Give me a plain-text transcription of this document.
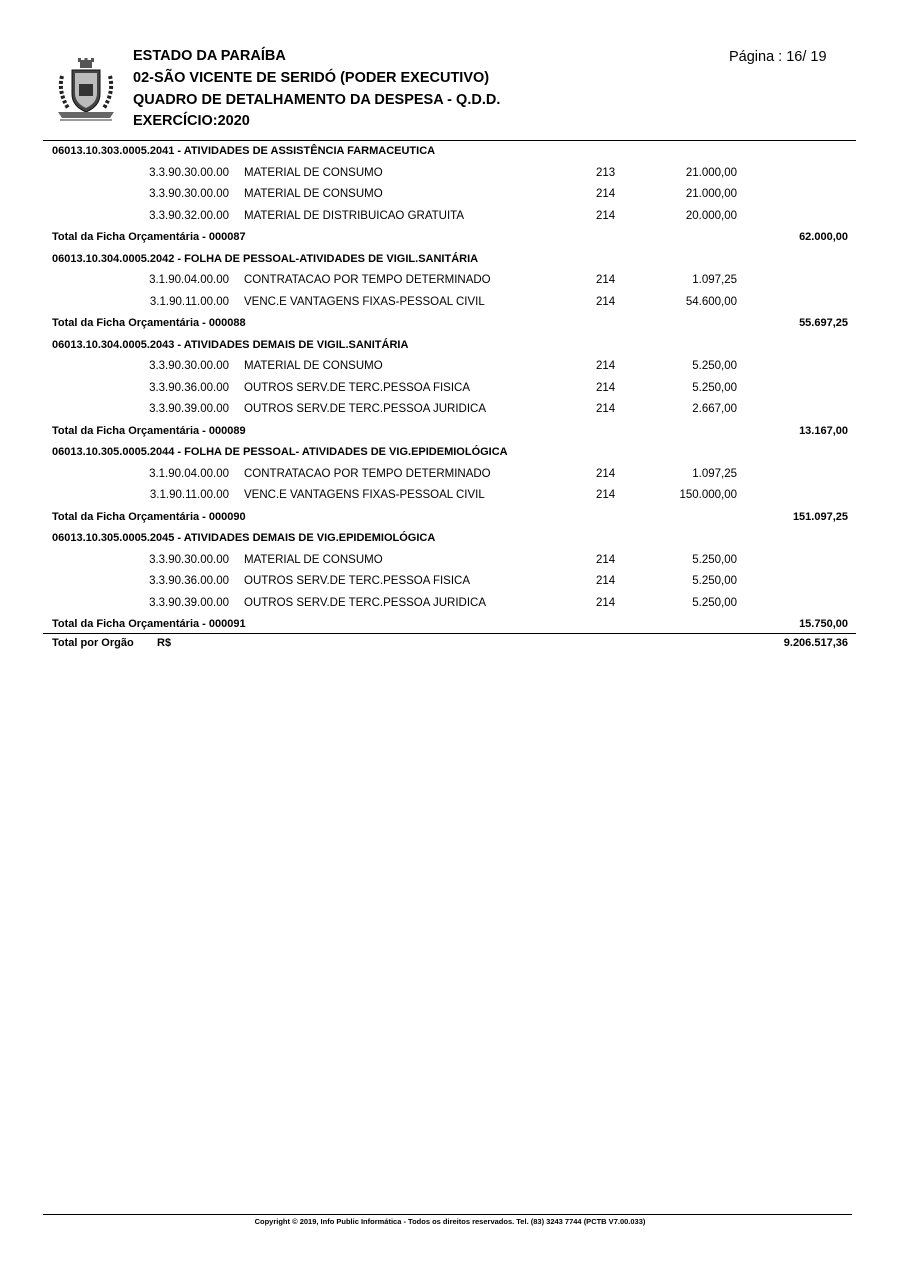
ESTADO DA PARAÍBA
02-SÃO VICENTE DE SERIDÓ (PODER EXECUTIVO)
QUADRO DE DETALHAMENTO DA DESPESA - Q.D.D.
EXERCÍCIO:2020
Página : 16/ 19
06013.10.303.0005.2041 - ATIVIDADES DE ASSISTÊNCIA FARMACEUTICA
3.3.90.30.00.00 MATERIAL DE CONSUMO	213	21.000,00
3.3.90.30.00.00 MATERIAL DE CONSUMO	214	21.000,00
3.3.90.32.00.00 MATERIAL DE DISTRIBUICAO GRATUITA	214	20.000,00
Total da Ficha Orçamentária - 000087	62.000,00
06013.10.304.0005.2042 - FOLHA DE PESSOAL-ATIVIDADES DE VIGIL.SANITÁRIA
3.1.90.04.00.00 CONTRATACAO POR TEMPO DETERMINADO	214	1.097,25
3.1.90.11.00.00 VENC.E VANTAGENS FIXAS-PESSOAL CIVIL	214	54.600,00
Total da Ficha Orçamentária - 000088	55.697,25
06013.10.304.0005.2043 - ATIVIDADES DEMAIS DE VIGIL.SANITÁRIA
3.3.90.30.00.00 MATERIAL DE CONSUMO	214	5.250,00
3.3.90.36.00.00 OUTROS SERV.DE TERC.PESSOA FISICA	214	5.250,00
3.3.90.39.00.00 OUTROS SERV.DE TERC.PESSOA JURIDICA	214	2.667,00
Total da Ficha Orçamentária - 000089	13.167,00
06013.10.305.0005.2044 - FOLHA DE PESSOAL- ATIVIDADES DE VIG.EPIDEMIOLÓGICA
3.1.90.04.00.00 CONTRATACAO POR TEMPO DETERMINADO	214	1.097,25
3.1.90.11.00.00 VENC.E VANTAGENS FIXAS-PESSOAL CIVIL	214	150.000,00
Total da Ficha Orçamentária - 000090	151.097,25
06013.10.305.0005.2045 - ATIVIDADES DEMAIS DE VIG.EPIDEMIOLÓGICA
3.3.90.30.00.00 MATERIAL DE CONSUMO	214	5.250,00
3.3.90.36.00.00 OUTROS SERV.DE TERC.PESSOA FISICA	214	5.250,00
3.3.90.39.00.00 OUTROS SERV.DE TERC.PESSOA JURIDICA	214	5.250,00
Total da Ficha Orçamentária - 000091	15.750,00
Total por Orgão R$	9.206.517,36
Copyright © 2019, Info Public Informática - Todos os direitos reservados. Tel. (83) 3243 7744 (PCTB V7.00.033)
